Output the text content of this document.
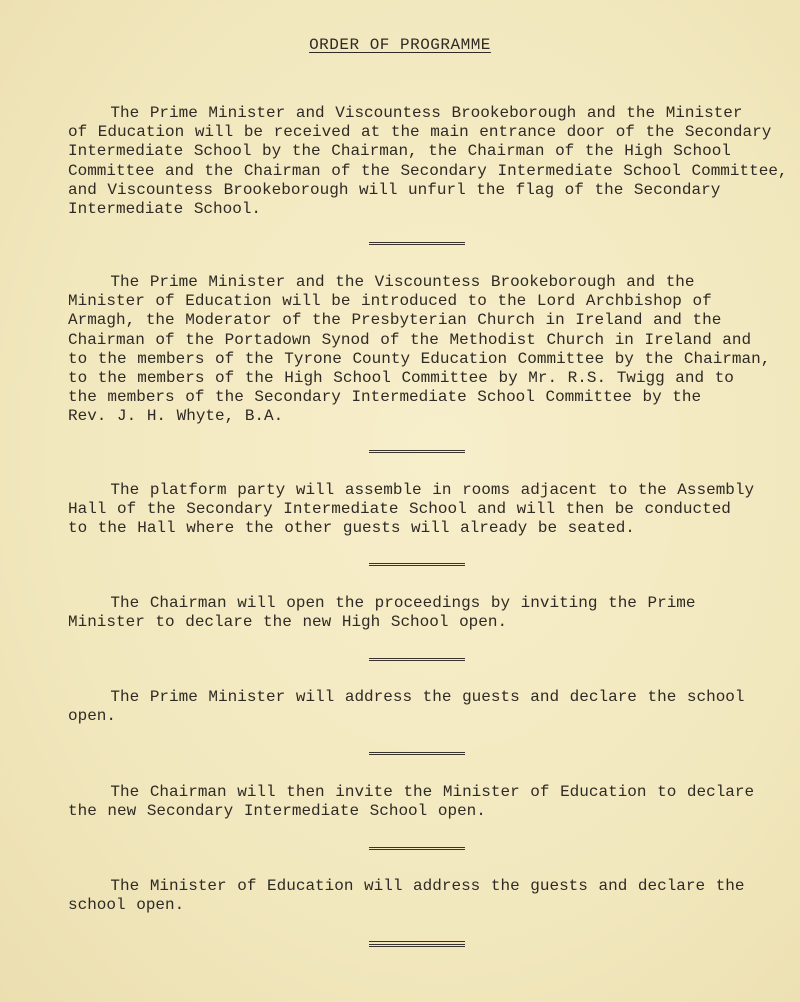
ORDER OF PROGRAMME

The Prime Minister and Viscountess Brookeborough and the Minister
of Education will be received at the main entrance door of the Secondary
Intermediate School by the Chairman, the Chairman of the High School
Committee and the Chairman of the Secondary Intermediate School Committee,
and Viscountess Brookeborough will unfurl the flag of the Secondary
Intermediate School.

The Prime Minister and the Viscountess Brookeborough and the
Minister of Education will be introduced to the Lord Archbishop of
Armagh, the Moderator of the Presbyterian Church in Ireland and the
Chairman of the Portadown Synod of the Methodist Church in Ireland and
to the members of the Tyrone County Education Committee by the Chairman,
to the members of the High School Committee by Mr. R.S. Twigg and to
the members of the Secondary Intermediate School Committee by the
Rev. J. H. Whyte, B.A.

The platform party will assemble in rooms adjacent to the Assembly
Hall of the Secondary Intermediate School and will then be conducted
to the Hall where the other guests will already be seated.

The Chairman will open the proceedings by inviting the Prime
Minister to declare the new High School open.

The Prime Minister will address the guests and declare the school
open.

The Chairman will then invite the Minister of Education to declare
the new Secondary Intermediate School open.

The Minister of Education will address the guests and declare the
school open.
